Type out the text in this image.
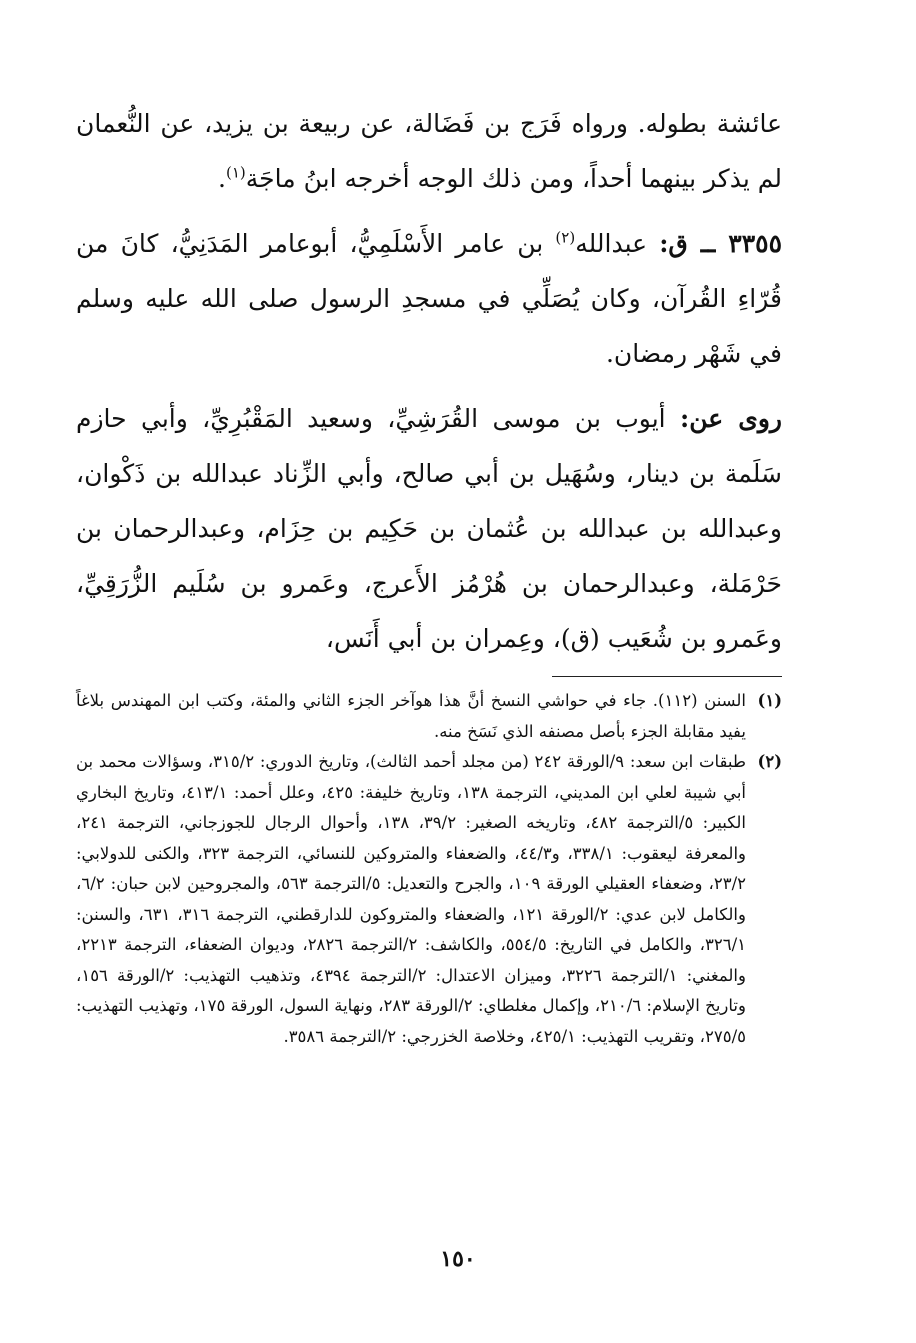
عائشة بطوله. ورواه فَرَج بن فَضَالة، عن ربيعة بن يزيد، عن النُّعمان لم يذكر بينهما أحداً، ومن ذلك الوجه أخرجه ابنُ ماجَة$^{(١)}$.

٣٣٥٥ ــ ق: عبدالله$^{(٢)}$ بن عامر الأَسْلَمِيُّ، أبوعامر المَدَنِيُّ، كانَ من قُرّاءِ القُرآن، وكان يُصَلِّي في مسجدِ الرسول صلى الله عليه وسلم في شَهْر رمضان.

روى عن: أيوب بن موسى القُرَشِيِّ، وسعيد المَقْبُرِيِّ، وأبي حازم سَلَمة بن دينار، وسُهَيل بن أبي صالح، وأبي الزِّناد عبدالله بن ذَكْوان، وعبدالله بن عبدالله بن عُثمان بن حَكِيم بن حِزَام، وعبدالرحمان بن حَرْمَلة، وعبدالرحمان بن هُرْمُز الأَعرج، وعَمرو بن سُلَيم الزُّرَقِيِّ، وعَمرو بن شُعَيب (ق)، وعِمران بن أبي أَنَس،

(١)
السنن (١١٢). جاء في حواشي النسخ أنَّ هذا هوآخر الجزء الثاني والمئة، وكتب ابن المهندس بلاغاً يفيد مقابلة الجزء بأصل مصنفه الذي نَسَخ منه.
(٢)
طبقات ابن سعد: ٩/الورقة ٢٤٢ (من مجلد أحمد الثالث)، وتاريخ الدوري: ٣١٥/٢، وسؤالات محمد بن أبي شيبة لعلي ابن المديني، الترجمة ١٣٨، وتاريخ خليفة: ٤٢٥، وعلل أحمد: ٤١٣/١، وتاريخ البخاري الكبير: ٥/الترجمة ٤٨٢، وتاريخه الصغير: ٣٩/٢، ١٣٨، وأحوال الرجال للجوزجاني، الترجمة ٢٤١، والمعرفة ليعقوب: ٣٣٨/١، و٤٤/٣، والضعفاء والمتروكين للنسائي، الترجمة ٣٢٣، والكنى للدولابي: ٢٣/٢، وضعفاء العقيلي الورقة ١٠٩، والجرح والتعديل: ٥/الترجمة ٥٦٣، والمجروحين لابن حبان: ٦/٢، والكامل لابن عدي: ٢/الورقة ١٢١، والضعفاء والمتروكون للدارقطني، الترجمة ٣١٦، ٦٣١، والسنن: ٣٢٦/١، والكامل في التاريخ: ٥٥٤/٥، والكاشف: ٢/الترجمة ٢٨٢٦، وديوان الضعفاء، الترجمة ٢٢١٣، والمغني: ١/الترجمة ٣٢٢٦، وميزان الاعتدال: ٢/الترجمة ٤٣٩٤، وتذهيب التهذيب: ٢/الورقة ١٥٦، وتاريخ الإسلام: ٢١٠/٦، وإكمال مغلطاي: ٢/الورقة ٢٨٣، ونهاية السول، الورقة ١٧٥، وتهذيب التهذيب: ٢٧٥/٥، وتقريب التهذيب: ٤٢٥/١، وخلاصة الخزرجي: ٢/الترجمة ٣٥٨٦.
١٥٠
